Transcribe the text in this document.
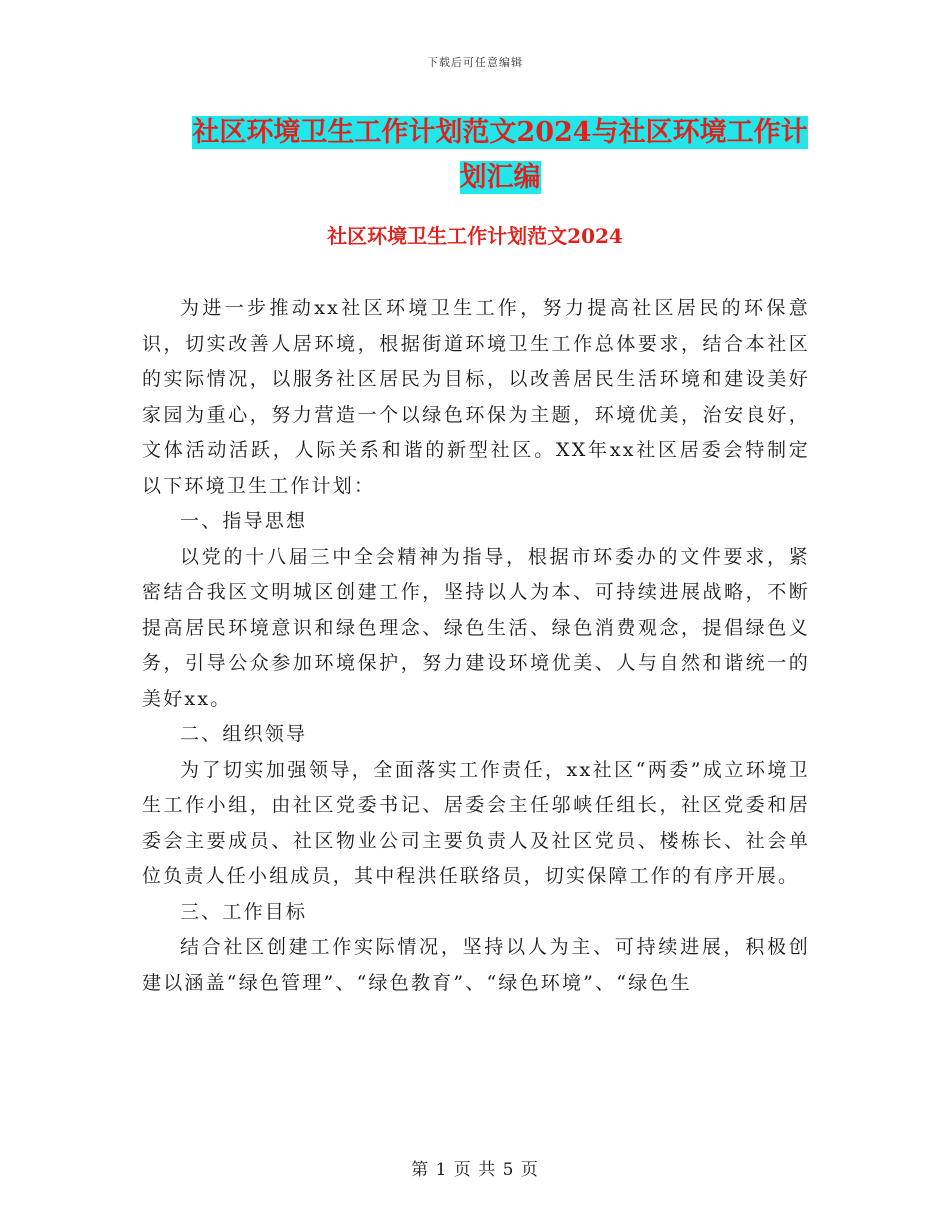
下载后可任意编辑
社区环境卫生工作计划范文2024与社区环境工作计划汇编
社区环境卫生工作计划范文2024

为进一步推动xx社区环境卫生工作，努力提高社区居民的环保意识，切实改善人居环境，根据街道环境卫生工作总体要求，结合本社区的实际情况，以服务社区居民为目标，以改善居民生活环境和建设美好家园为重心，努力营造一个以绿色环保为主题，环境优美，治安良好，文体活动活跃，人际关系和谐的新型社区。XX年xx社区居委会特制定以下环境卫生工作计划：

一、指导思想

以党的十八届三中全会精神为指导，根据市环委办的文件要求，紧密结合我区文明城区创建工作，坚持以人为本、可持续进展战略，不断提高居民环境意识和绿色理念、绿色生活、绿色消费观念，提倡绿色义务，引导公众参加环境保护，努力建设环境优美、人与自然和谐统一的美好xx。

二、组织领导

为了切实加强领导，全面落实工作责任，xx社区“两委”成立环境卫生工作小组，由社区党委书记、居委会主任邬峡任组长，社区党委和居委会主要成员、社区物业公司主要负责人及社区党员、楼栋长、社会单位负责人任小组成员，其中程洪任联络员，切实保障工作的有序开展。

三、工作目标

结合社区创建工作实际情况，坚持以人为主、可持续进展，积极创建以涵盖“绿色管理”、“绿色教育”、“绿色环境”、“绿色生

第 1 页 共 5 页
